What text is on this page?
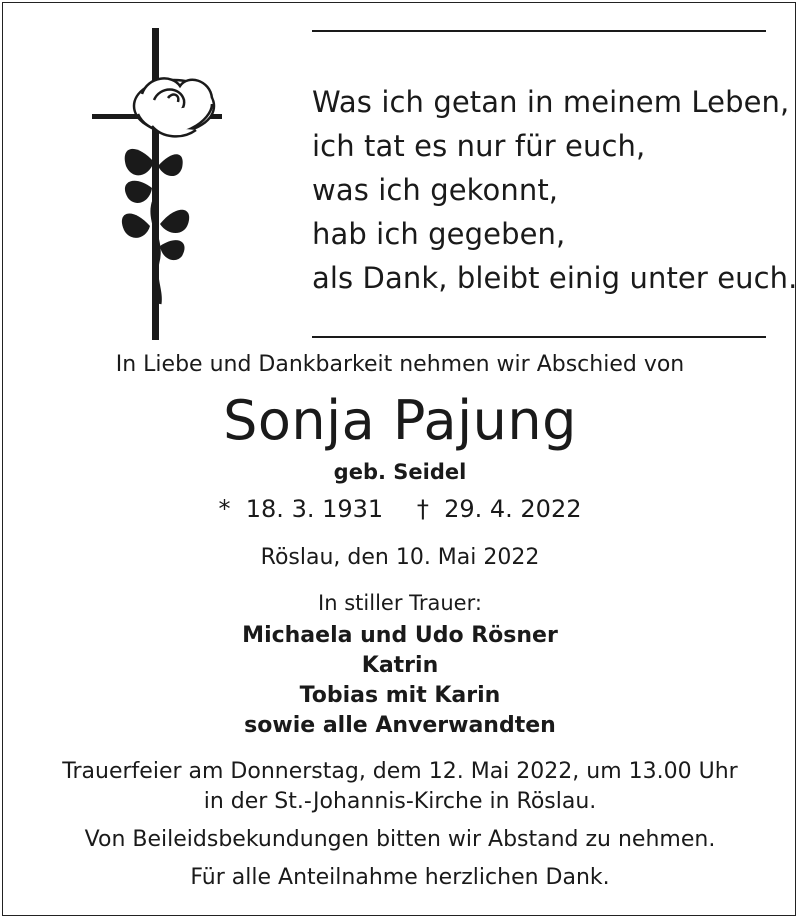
Was ich getan in meinem Leben,
ich tat es nur für euch,
was ich gekonnt,
hab ich gegeben,
als Dank, bleibt einig unter euch.
In Liebe und Dankbarkeit nehmen wir Abschied von
Sonja Pajung
geb. Seidel
* 18. 3. 1931 † 29. 4. 2022
Röslau, den 10. Mai 2022
In stiller Trauer:
Michaela und Udo Rösner
Katrin
Tobias mit Karin
sowie alle Anverwandten
Trauerfeier am Donnerstag, dem 12. Mai 2022, um 13.00 Uhr
in der St.-Johannis-Kirche in Röslau.
Von Beileidsbekundungen bitten wir Abstand zu nehmen.
Für alle Anteilnahme herzlichen Dank.
